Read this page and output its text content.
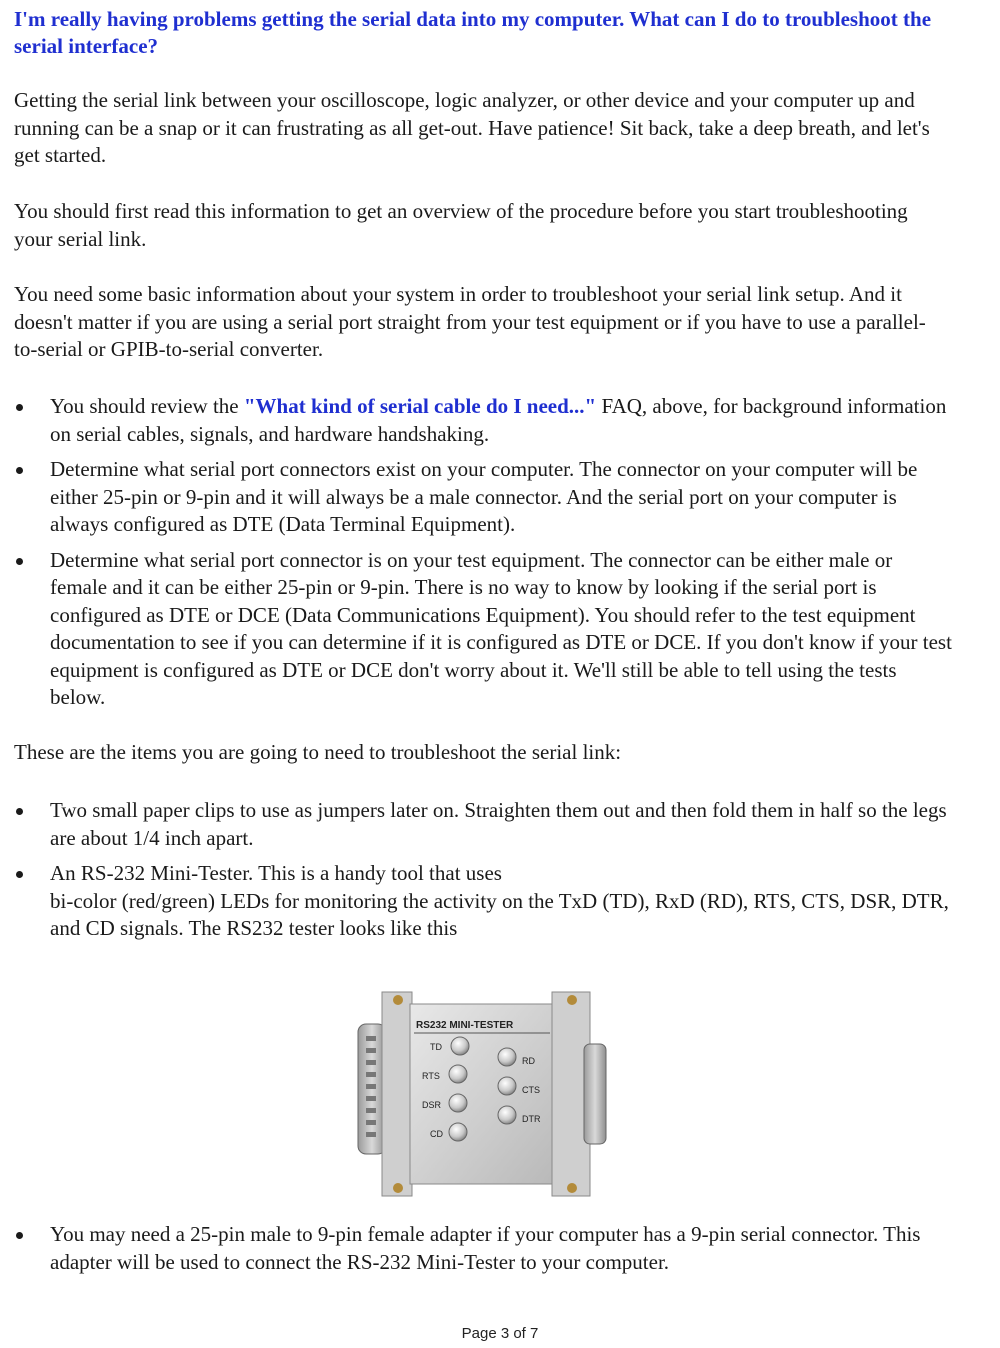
I'm really having problems getting the serial data into my computer. What can I do to troubleshoot the serial interface?
Getting the serial link between your oscilloscope, logic analyzer, or other device and your computer up and running can be a snap or it can frustrating as all get-out. Have patience! Sit back, take a deep breath, and let's get started.
You should first read this information to get an overview of the procedure before you start troubleshooting your serial link.
You need some basic information about your system in order to troubleshoot your serial link setup. And it doesn't matter if you are using a serial port straight from your test equipment or if you have to use a parallel-to-serial or GPIB-to-serial converter.
You should review the "What kind of serial cable do I need..." FAQ, above, for background information on serial cables, signals, and hardware handshaking.
Determine what serial port connectors exist on your computer. The connector on your computer will be either 25-pin or 9-pin and it will always be a male connector. And the serial port on your computer is always configured as DTE (Data Terminal Equipment).
Determine what serial port connector is on your test equipment. The connector can be either male or female and it can be either 25-pin or 9-pin. There is no way to know by looking if the serial port is configured as DTE or DCE (Data Communications Equipment). You should refer to the test equipment documentation to see if you can determine if it is configured as DTE or DCE. If you don't know if your test equipment is configured as DTE or DCE don't worry about it. We'll still be able to tell using the tests below.
These are the items you are going to need to troubleshoot the serial link:
Two small paper clips to use as jumpers later on. Straighten them out and then fold them in half so the legs are about 1/4 inch apart.
An RS-232 Mini-Tester. This is a handy tool that uses
bi-color (red/green) LEDs for monitoring the activity on the TxD (TD), RxD (RD), RTS, CTS, DSR, DTR, and CD signals. The RS232 tester looks like this
You may need a 25-pin male to 9-pin female adapter if your computer has a 9-pin serial connector. This adapter will be used to connect the RS-232 Mini-Tester to your computer.
RS232 MINI-TESTER
TD
RTS
DSR
CD
RD
CTS
DTR
Page 3 of 7
